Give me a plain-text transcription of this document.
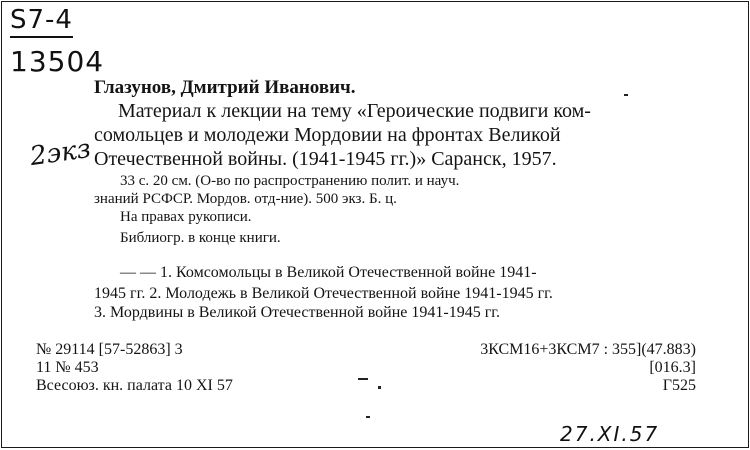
S7-4
13504
2экз
Глазунов, Дмитрий Иванович.
Материал к лекции на тему «Героические подвиги ком-
сомольцев и молодежи Мордовии на фронтах Великой
Отечественной войны. (1941-1945 гг.)» Саранск, 1957.
33 с. 20 см. (О-во по распространению полит. и науч.
знаний РСФСР. Мордов. отд-ние). 500 экз. Б. ц.
На правах рукописи.
Библиогр. в конце книги.
— — 1. Комсомольцы в Великой Отечественной войне 1941-
1945 гг. 2. Молодежь в Великой Отечественной войне 1941-1945 гг.
3. Мордвины в Великой Отечественной войне 1941-1945 гг.
№ 29114 [57-52863] 3
11 № 453
Всесоюз. кн. палата 10 XI 57
3КСМ16+3КСМ7 : 355](47.883)
[016.3]
Г525
27.XI.57
